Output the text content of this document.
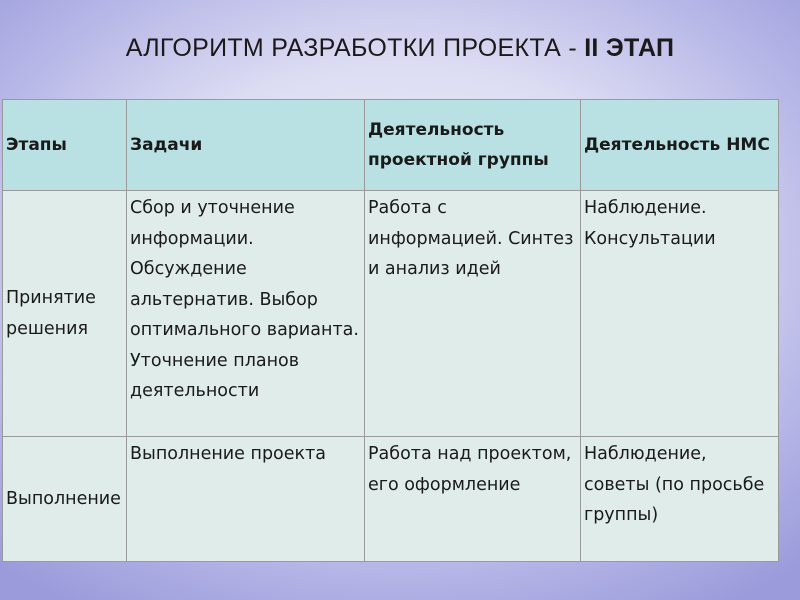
АЛГОРИТМ РАЗРАБОТКИ ПРОЕКТА - II ЭТАП
Этапы	Задачи	Деятельность проектной группы	Деятельность НМС

Принятие решения	Сбор и уточнение информации. Обсуждение альтернатив. Выбор оптимального варианта. Уточнение планов деятельности	Работа с информацией. Синтез и анализ идей	Наблюдение. Консультации

Выполнение	Выполнение проекта	Работа над проектом, его оформление	Наблюдение, советы (по просьбе группы)
